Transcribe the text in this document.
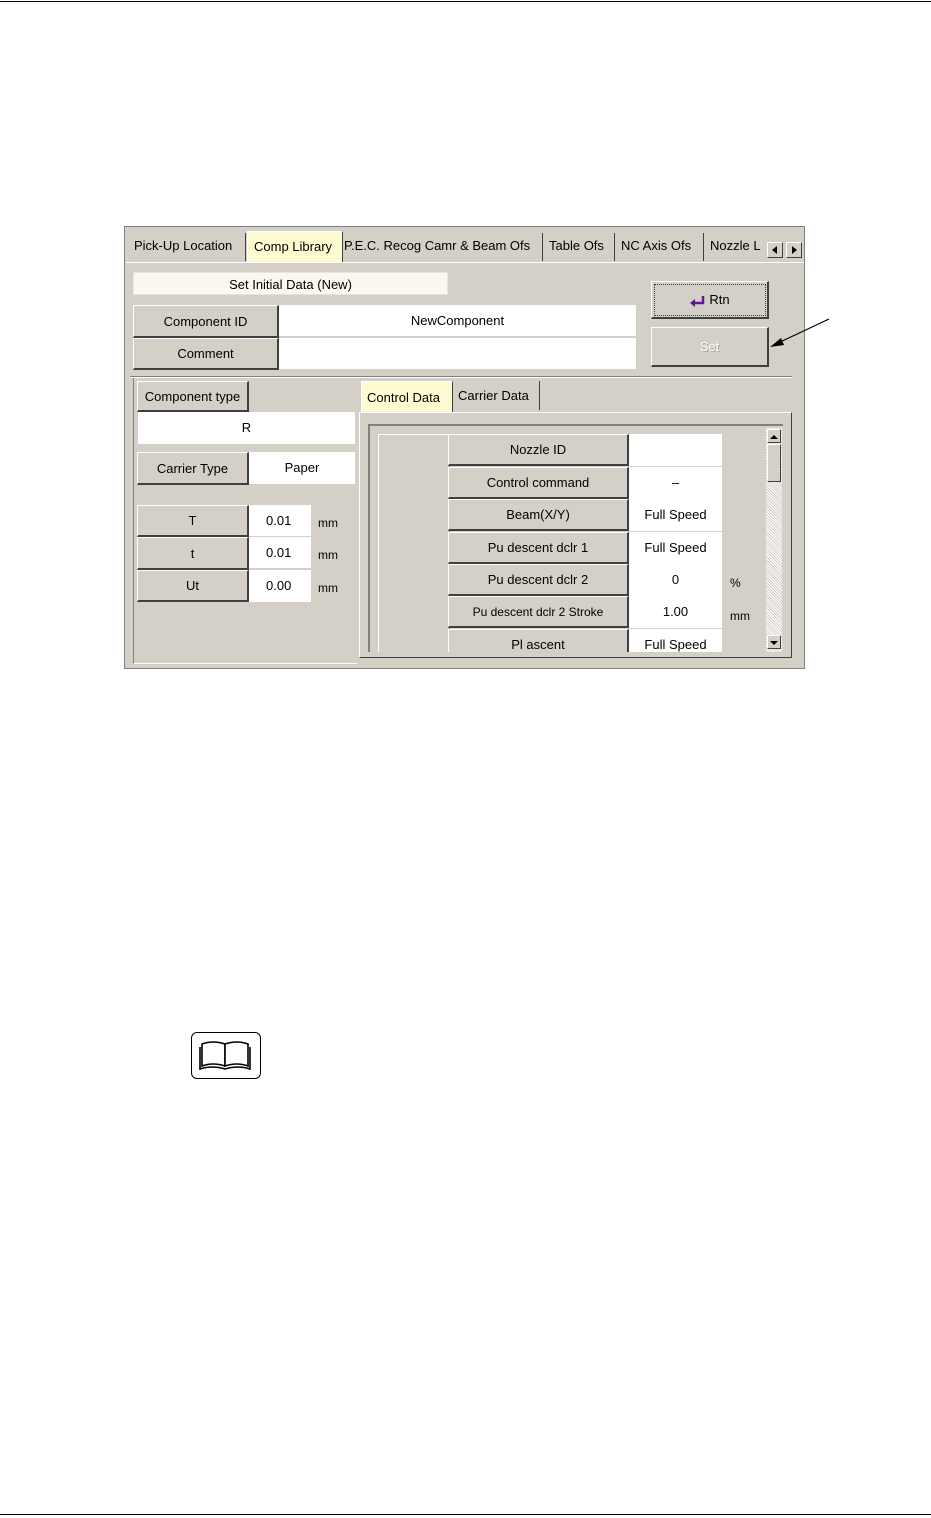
Pick-Up Location	Comp Library P.E.C. Recog Camr & Beam Ofs	Table Ofs	NC Axis Ofs	Nozzle L
Set Initial Data (New)
Rtn
Set
Component ID	NewComponent
Comment
Component type
R
Carrier Type	Paper
T	0.01	mm
t	0.01	mm
Ut	0.00	mm
Control Data	Carrier Data
Nozzle ID
Control command	–
Beam(X/Y)	Full Speed
Pu descent dclr 1	Full Speed
Pu descent dclr 2	0	%
Pu descent dclr 2 Stroke	1.00	mm
Pl ascent	Full Speed
